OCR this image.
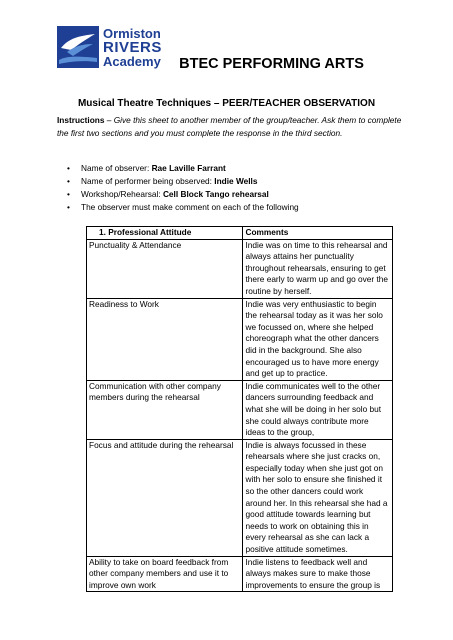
Ormiston
RIVERS
Academy	BTEC PERFORMING ARTS
Musical Theatre Techniques – PEER/TEACHER OBSERVATION
Instructions – Give this sheet to another member of the group/teacher. Ask them to complete the first two sections and you must complete the response in the third section.
• Name of observer: Rae Laville Farrant
• Name of performer being observed: Indie Wells
• Workshop/Rehearsal: Cell Block Tango rehearsal
• The observer must make comment on each of the following
1. Professional Attitude	Comments
Punctuality & Attendance	Indie was on time to this rehearsal and always attains her punctuality throughout rehearsals, ensuring to get there early to warm up and go over the routine by herself.
Readiness to Work	Indie was very enthusiastic to begin the rehearsal today as it was her solo we focussed on, where she helped choreograph what the other dancers did in the background. She also encouraged us to have more energy and get up to practice.
Communication with other company members during the rehearsal	Indie communicates well to the other dancers surrounding feedback and what she will be doing in her solo but she could always contribute more ideas to the group,
Focus and attitude during the rehearsal	Indie is always focussed in these rehearsals where she just cracks on, especially today when she just got on with her solo to ensure she finished it so the other dancers could work around her. In this rehearsal she had a good attitude towards learning but needs to work on obtaining this in every rehearsal as she can lack a positive attitude sometimes.
Ability to take on board feedback from other company members and use it to improve own work	Indie listens to feedback well and always makes sure to make those improvements to ensure the group is
